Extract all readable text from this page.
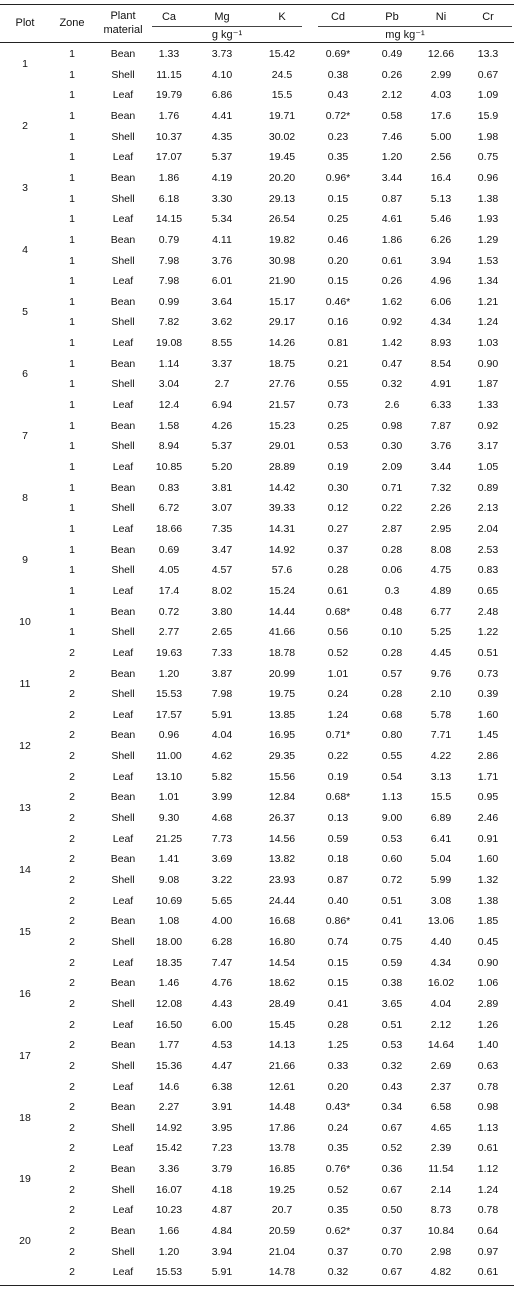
Plot	Zone
Plant
material
Ca	Mg	K	Cd	Pb	Ni	Cr
g kg⁻¹	mg kg⁻¹
1
1	Bean	1.33	3.73	15.42	0.69*	0.49	12.66	13.3
1	Shell	11.15	4.10	24.5	0.38	0.26	2.99	0.67
1	Leaf	19.79	6.86	15.5	0.43	2.12	4.03	1.09
2
1	Bean	1.76	4.41	19.71	0.72*	0.58	17.6	15.9
1	Shell	10.37	4.35	30.02	0.23	7.46	5.00	1.98
1	Leaf	17.07	5.37	19.45	0.35	1.20	2.56	0.75
3
1	Bean	1.86	4.19	20.20	0.96*	3.44	16.4	0.96
1	Shell	6.18	3.30	29.13	0.15	0.87	5.13	1.38
1	Leaf	14.15	5.34	26.54	0.25	4.61	5.46	1.93
4
1	Bean	0.79	4.11	19.82	0.46	1.86	6.26	1.29
1	Shell	7.98	3.76	30.98	0.20	0.61	3.94	1.53
1	Leaf	7.98	6.01	21.90	0.15	0.26	4.96	1.34
5
1	Bean	0.99	3.64	15.17	0.46*	1.62	6.06	1.21
1	Shell	7.82	3.62	29.17	0.16	0.92	4.34	1.24
1	Leaf	19.08	8.55	14.26	0.81	1.42	8.93	1.03
6
1	Bean	1.14	3.37	18.75	0.21	0.47	8.54	0.90
1	Shell	3.04	2.7	27.76	0.55	0.32	4.91	1.87
1	Leaf	12.4	6.94	21.57	0.73	2.6	6.33	1.33
7
1	Bean	1.58	4.26	15.23	0.25	0.98	7.87	0.92
1	Shell	8.94	5.37	29.01	0.53	0.30	3.76	3.17
1	Leaf	10.85	5.20	28.89	0.19	2.09	3.44	1.05
8
1	Bean	0.83	3.81	14.42	0.30	0.71	7.32	0.89
1	Shell	6.72	3.07	39.33	0.12	0.22	2.26	2.13
1	Leaf	18.66	7.35	14.31	0.27	2.87	2.95	2.04
9
1	Bean	0.69	3.47	14.92	0.37	0.28	8.08	2.53
1	Shell	4.05	4.57	57.6	0.28	0.06	4.75	0.83
1	Leaf	17.4	8.02	15.24	0.61	0.3	4.89	0.65
10
1	Bean	0.72	3.80	14.44	0.68*	0.48	6.77	2.48
1	Shell	2.77	2.65	41.66	0.56	0.10	5.25	1.22
2	Leaf	19.63	7.33	18.78	0.52	0.28	4.45	0.51
11
2	Bean	1.20	3.87	20.99	1.01	0.57	9.76	0.73
2	Shell	15.53	7.98	19.75	0.24	0.28	2.10	0.39
2	Leaf	17.57	5.91	13.85	1.24	0.68	5.78	1.60
12
2	Bean	0.96	4.04	16.95	0.71*	0.80	7.71	1.45
2	Shell	11.00	4.62	29.35	0.22	0.55	4.22	2.86
2	Leaf	13.10	5.82	15.56	0.19	0.54	3.13	1.71
13
2	Bean	1.01	3.99	12.84	0.68*	1.13	15.5	0.95
2	Shell	9.30	4.68	26.37	0.13	9.00	6.89	2.46
2	Leaf	21.25	7.73	14.56	0.59	0.53	6.41	0.91
14
2	Bean	1.41	3.69	13.82	0.18	0.60	5.04	1.60
2	Shell	9.08	3.22	23.93	0.87	0.72	5.99	1.32
2	Leaf	10.69	5.65	24.44	0.40	0.51	3.08	1.38
15
2	Bean	1.08	4.00	16.68	0.86*	0.41	13.06	1.85
2	Shell	18.00	6.28	16.80	0.74	0.75	4.40	0.45
2	Leaf	18.35	7.47	14.54	0.15	0.59	4.34	0.90
16
2	Bean	1.46	4.76	18.62	0.15	0.38	16.02	1.06
2	Shell	12.08	4.43	28.49	0.41	3.65	4.04	2.89
2	Leaf	16.50	6.00	15.45	0.28	0.51	2.12	1.26
17
2	Bean	1.77	4.53	14.13	1.25	0.53	14.64	1.40
2	Shell	15.36	4.47	21.66	0.33	0.32	2.69	0.63
2	Leaf	14.6	6.38	12.61	0.20	0.43	2.37	0.78
18
2	Bean	2.27	3.91	14.48	0.43*	0.34	6.58	0.98
2	Shell	14.92	3.95	17.86	0.24	0.67	4.65	1.13
2	Leaf	15.42	7.23	13.78	0.35	0.52	2.39	0.61
19
2	Bean	3.36	3.79	16.85	0.76*	0.36	11.54	1.12
2	Shell	16.07	4.18	19.25	0.52	0.67	2.14	1.24
2	Leaf	10.23	4.87	20.7	0.35	0.50	8.73	0.78
20
2	Bean	1.66	4.84	20.59	0.62*	0.37	10.84	0.64
2	Shell	1.20	3.94	21.04	0.37	0.70	2.98	0.97
2	Leaf	15.53	5.91	14.78	0.32	0.67	4.82	0.61
